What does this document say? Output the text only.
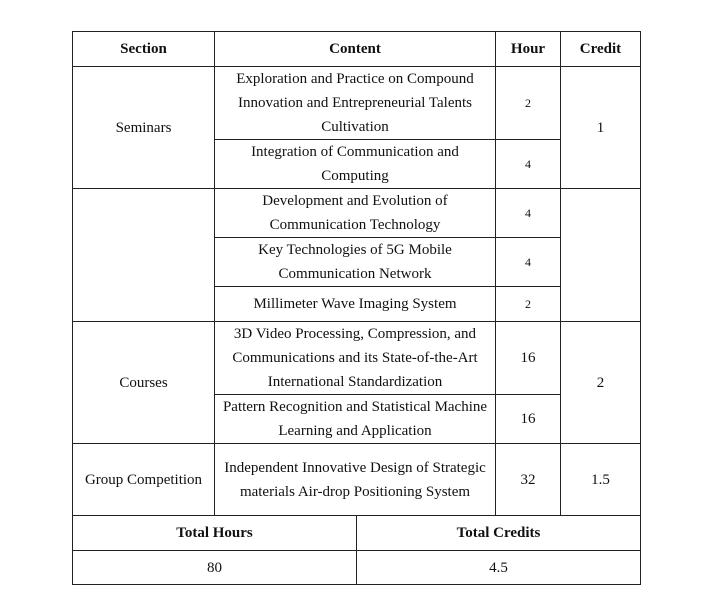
Section	Content	Hour	Credit
Seminars	Exploration and Practice on Compound Innovation and Entrepreneurial Talents Cultivation	2	1
	Integration of Communication and Computing	4	
	Development and Evolution of Communication Technology	4	
	Key Technologies of 5G Mobile Communication Network	4	
	Millimeter Wave Imaging System	2	
Courses	3D Video Processing, Compression, and Communications and its State-of-the-Art International Standardization	16	2
	Pattern Recognition and Statistical Machine Learning and Application	16	
Group Competition	Independent Innovative Design of Strategic materials Air-drop Positioning System	32	1.5
Total Hours	Total Credits
80	4.5
